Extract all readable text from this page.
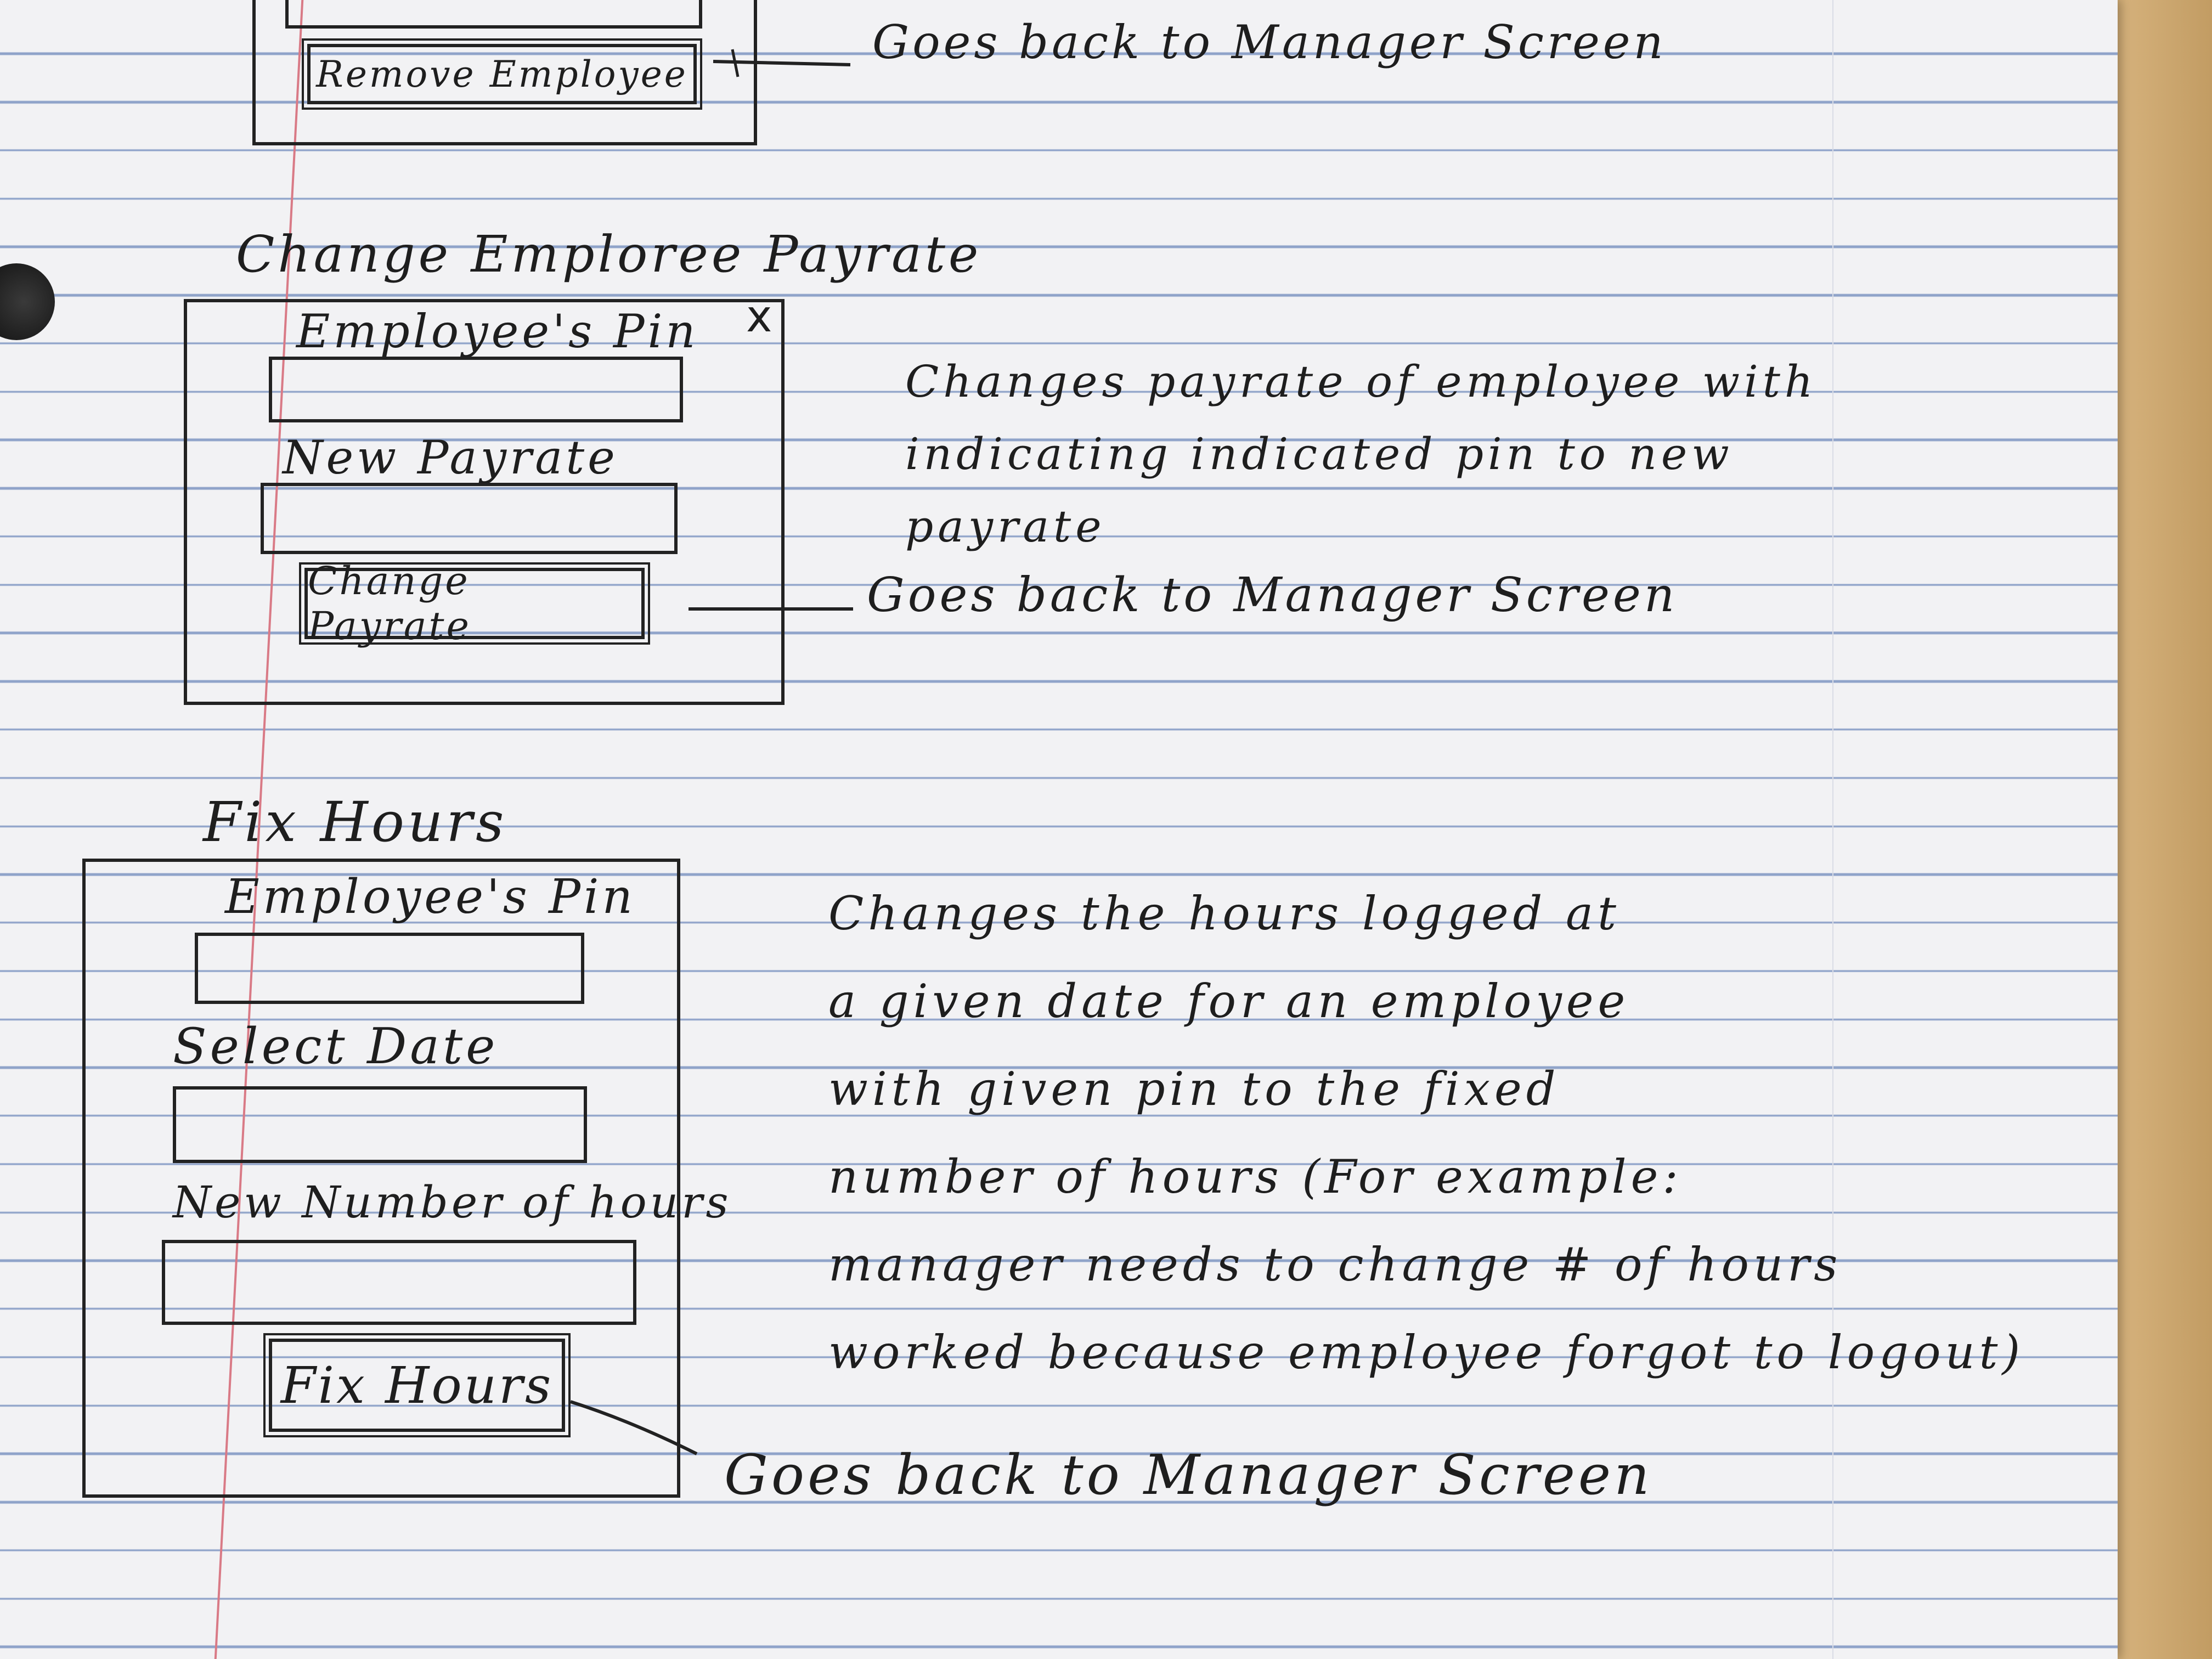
Remove Employee
Goes back to Manager Screen
Change Emploree Payrate
x
Employee's Pin
New Payrate
Change Payrate
Changes payrate of employee with
indicating indicated pin to new
payrate
Goes back to Manager Screen
Fix Hours
Employee's Pin
Select Date
New Number of hours
Fix Hours
Changes the hours logged at
a given date for an employee
with given pin to the fixed
number of hours (For example:
manager needs to change # of hours
worked because employee forgot to logout)
Goes back to Manager Screen
